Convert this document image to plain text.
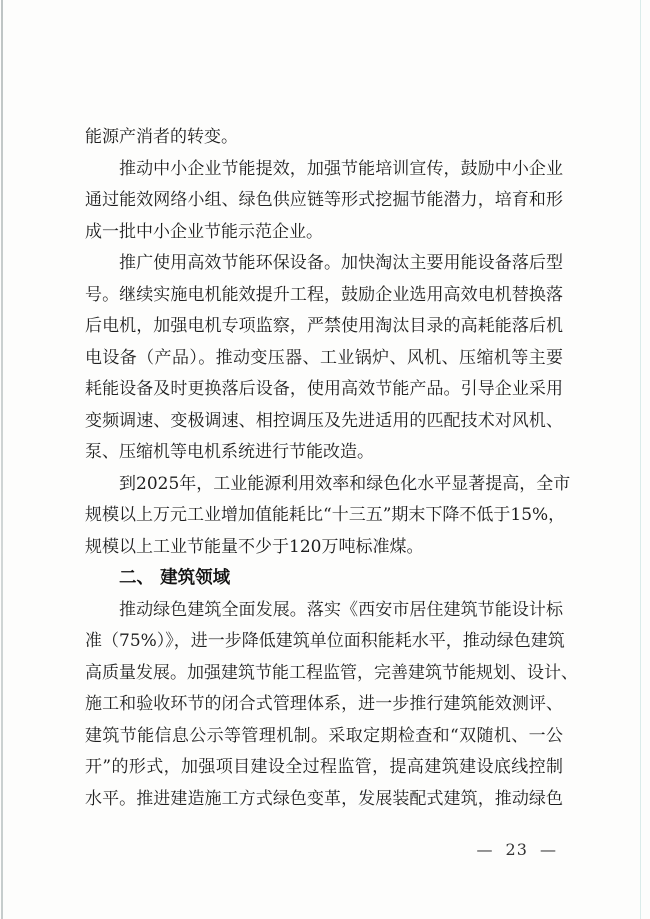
能源产消者的转变。
推动中小企业节能提效，加强节能培训宣传，鼓励中小企业
通过能效网络小组、绿色供应链等形式挖掘节能潜力，培育和形
成一批中小企业节能示范企业。
推广使用高效节能环保设备。加快淘汰主要用能设备落后型
号。继续实施电机能效提升工程，鼓励企业选用高效电机替换落
后电机，加强电机专项监察，严禁使用淘汰目录的高耗能落后机
电设备（产品）。推动变压器、工业锅炉、风机、压缩机等主要
耗能设备及时更换落后设备，使用高效节能产品。引导企业采用
变频调速、变极调速、相控调压及先进适用的匹配技术对风机、
泵、压缩机等电机系统进行节能改造。
到2025年，工业能源利用效率和绿色化水平显著提高，全市
规模以上万元工业增加值能耗比“十三五”期末下降不低于15%，
规模以上工业节能量不少于120万吨标准煤。
二、 建筑领域
推动绿色建筑全面发展。落实《西安市居住建筑节能设计标
准（75%）》，进一步降低建筑单位面积能耗水平，推动绿色建筑
高质量发展。加强建筑节能工程监管，完善建筑节能规划、设计、
施工和验收环节的闭合式管理体系，进一步推行建筑能效测评、
建筑节能信息公示等管理机制。采取定期检查和“双随机、一公
开”的形式，加强项目建设全过程监管，提高建筑建设底线控制
水平。推进建造施工方式绿色变革，发展装配式建筑，推动绿色
— 23 —
